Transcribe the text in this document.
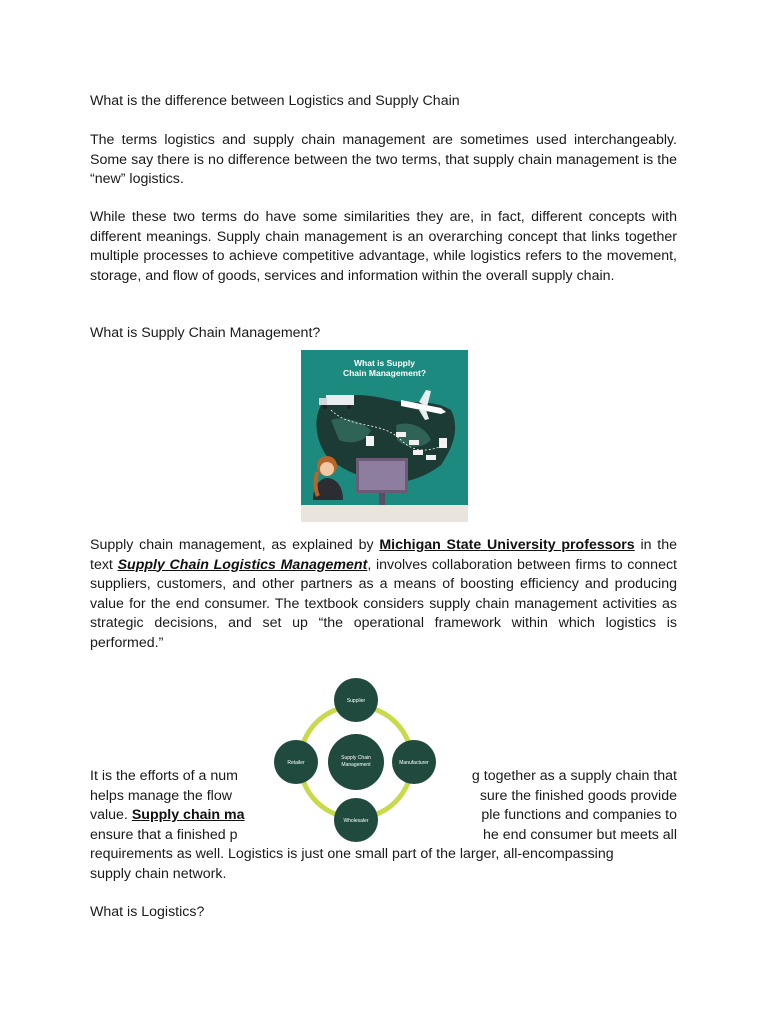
What is the difference between Logistics and Supply Chain

The terms logistics and supply chain management are sometimes used interchangeably. Some say there is no difference between the two terms, that supply chain management is the “new” logistics.

While these two terms do have some similarities they are, in fact, different concepts with different meanings. Supply chain management is an overarching concept that links together multiple processes to achieve competitive advantage, while logistics refers to the movement, storage, and flow of goods, services and information within the overall supply chain.

What is Supply Chain Management?

What is Supply
Chain Management?

Supply chain management, as explained by Michigan State University professors in the text Supply Chain Logistics Management, involves collaboration between firms to connect suppliers, customers, and other partners as a means of boosting efficiency and producing value for the end consumer. The textbook considers supply chain management activities as strategic decisions, and set up “the operational framework within which logistics is performed.”

It is the efforts of a num	g together as a supply chain that
helps manage the flow	sure the finished goods provide
value. Supply chain ma	ple functions and companies to
ensure that a finished p	he end consumer but meets all
requirements as well. Logistics is just one small part of the larger, all-encompassing
supply chain network.
Supply Chain
Management
Supplier
Manufacturer
Wholesaler
Retailer

What is Logistics?
